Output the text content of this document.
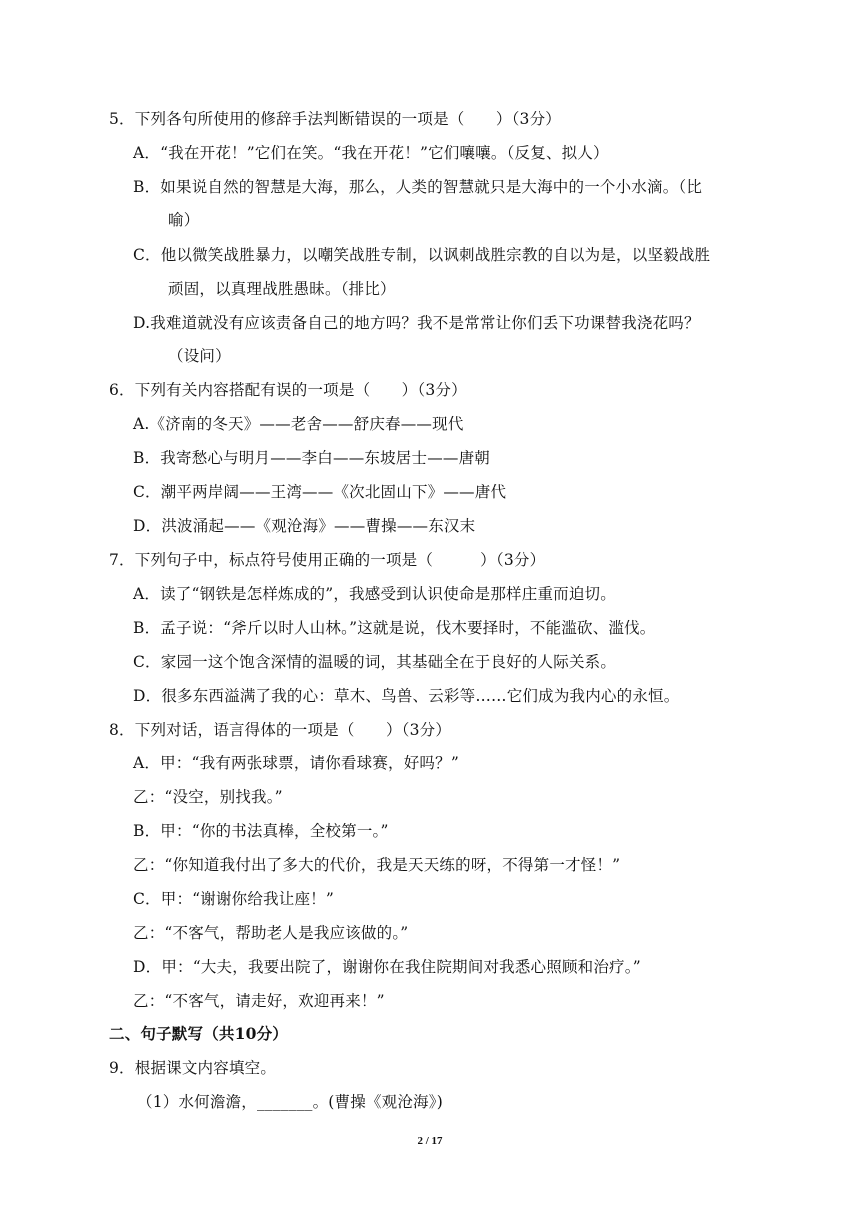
5．下列各句所使用的修辞手法判断错误的一项是（　　）（3分）
A．“我在开花！”它们在笑。“我在开花！”它们嚷嚷。（反复、拟人）
B．如果说自然的智慧是大海，那么，人类的智慧就只是大海中的一个小水滴。（比
喻）
C．他以微笑战胜暴力，以嘲笑战胜专制，以讽刺战胜宗教的自以为是，以坚毅战胜
顽固，以真理战胜愚昧。（排比）
D.我难道就没有应该责备自己的地方吗？我不是常常让你们丢下功课替我浇花吗？
（设问）
6．下列有关内容搭配有误的一项是（　　）（3分）
A.《济南的冬天》——老舍——舒庆春——现代
B．我寄愁心与明月——李白——东坡居士——唐朝
C．潮平两岸阔——王湾——《次北固山下》——唐代
D．洪波涌起——《观沧海》——曹操——东汉末
7．下列句子中，标点符号使用正确的一项是（　　　）（3分）
A．读了“钢铁是怎样炼成的”，我感受到认识使命是那样庄重而迫切。
B．孟子说：“斧斤以时人山林。”这就是说，伐木要择时，不能滥砍、滥伐。
C．家园一这个饱含深情的温暖的词，其基础全在于良好的人际关系。
D．很多东西溢满了我的心：草木、鸟兽、云彩等……它们成为我内心的永恒。
8．下列对话，语言得体的一项是（　　）（3分）
A．甲：“我有两张球票，请你看球赛，好吗？”
乙：“没空，别找我。”
B．甲：“你的书法真棒，全校第一。”
乙：“你知道我付出了多大的代价，我是天天练的呀，不得第一才怪！”
C．甲：“谢谢你给我让座！”
乙：“不客气，帮助老人是我应该做的。”
D．甲：“大夫，我要出院了，谢谢你在我住院期间对我悉心照顾和治疗。”
乙：“不客气，请走好，欢迎再来！”
二、句子默写（共10分）
9．根据课文内容填空。
（1）水何澹澹，_______。(曹操《观沧海》)
2 / 17
